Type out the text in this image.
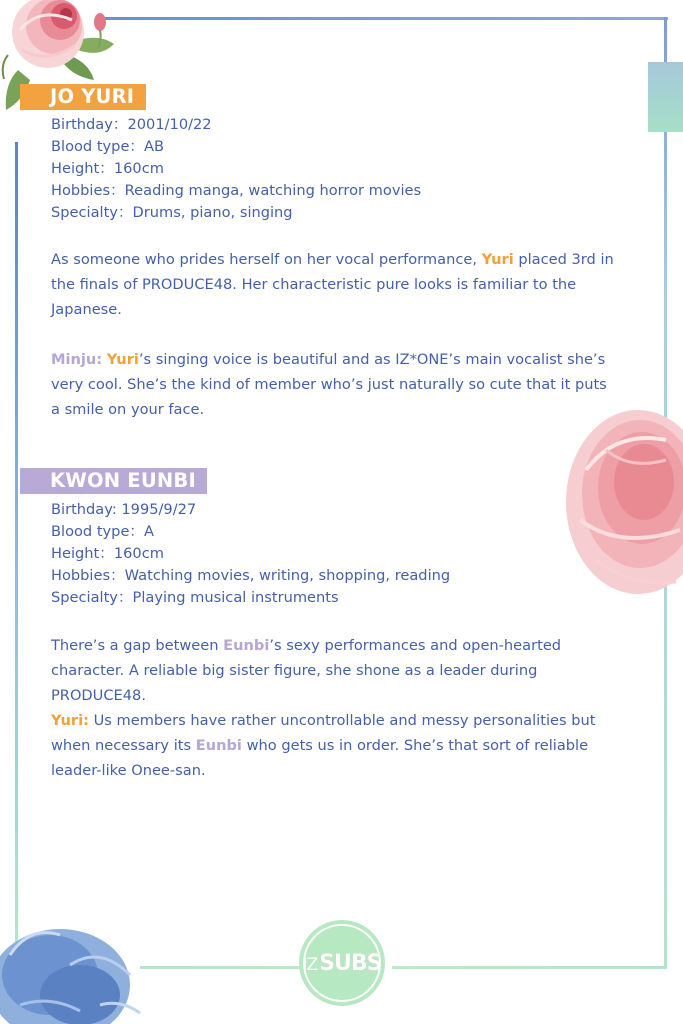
JO YURI
Birthday：2001/10/22
Blood type：AB
Height：160cm
Hobbies：Reading manga, watching horror movies
Specialty：Drums, piano, singing
As someone who prides herself on her vocal performance, Yuri placed 3rd in the finals of PRODUCE48. Her characteristic pure looks is familiar to the Japanese.
Minju: Yuri’s singing voice is beautiful and as IZ*ONE’s main vocalist she’s very cool. She’s the kind of member who’s just naturally so cute that it puts a smile on your face.
KWON EUNBI
Birthday: 1995/9/27
Blood type：A
Height：160cm
Hobbies：Watching movies, writing, shopping, reading
Specialty：Playing musical instruments
There’s a gap between Eunbi’s sexy performances and open-hearted character. A reliable big sister figure, she shone as a leader during PRODUCE48.
Yuri: Us members have rather uncontrollable and messy personalities but when necessary its Eunbi who gets us in order. She’s that sort of reliable leader-like Onee-san.
IZSUBS
